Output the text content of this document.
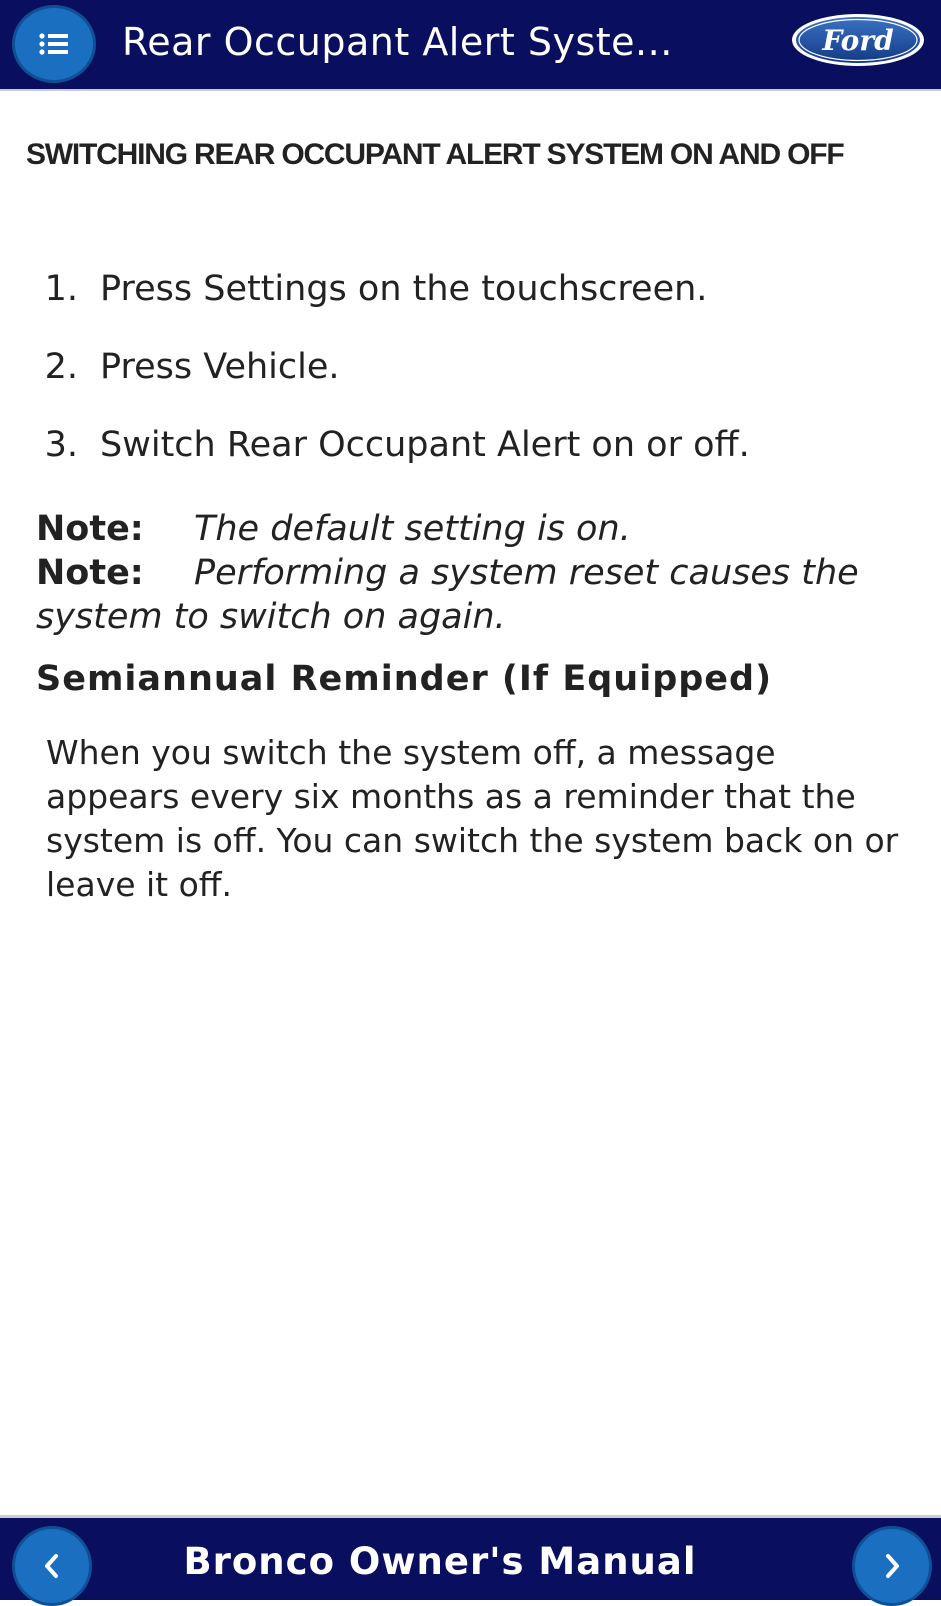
Rear Occupant Alert Syste...	Ford
SWITCHING REAR OCCUPANT ALERT SYSTEM ON AND OFF
1. Press Settings on the touchscreen.
2. Press Vehicle.
3. Switch Rear Occupant Alert on or off.
Note: The default setting is on.
Note: Performing a system reset causes the system to switch on again.
Semiannual Reminder (If Equipped)
When you switch the system off, a message appears every six months as a reminder that the system is off. You can switch the system back on or leave it off.
Bronco Owner's Manual
